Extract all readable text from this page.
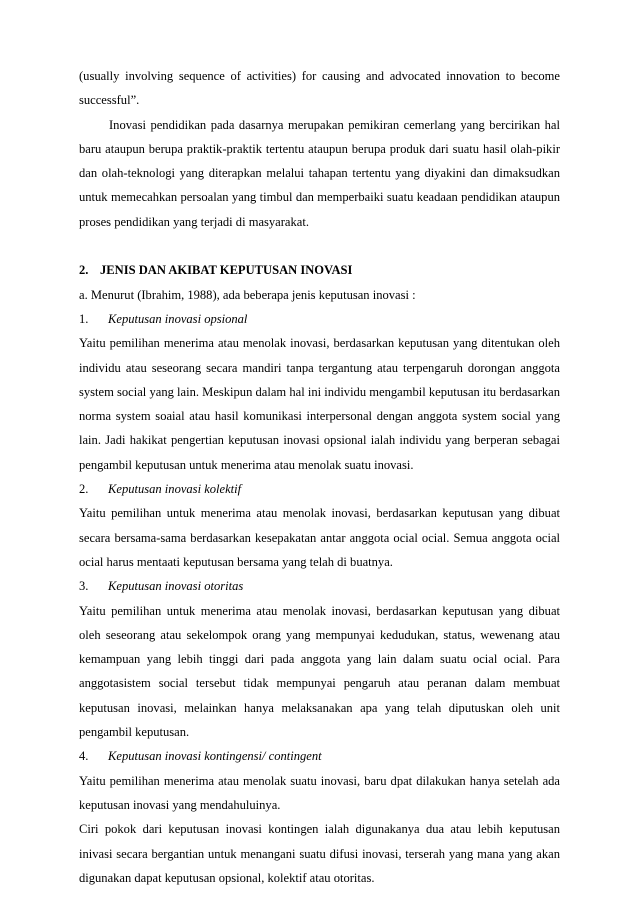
(usually involving sequence of activities) for causing and advocated innovation to become successful”.

Inovasi pendidikan pada dasarnya merupakan pemikiran cemerlang yang bercirikan hal baru ataupun berupa praktik-praktik tertentu ataupun berupa produk dari suatu hasil olah-pikir dan olah-teknologi yang diterapkan melalui tahapan tertentu yang diyakini dan dimaksudkan untuk memecahkan persoalan yang timbul dan memperbaiki suatu keadaan pendidikan ataupun proses pendidikan yang terjadi di masyarakat.

2. JENIS DAN AKIBAT KEPUTUSAN INOVASI

a. Menurut (Ibrahim, 1988), ada beberapa jenis keputusan inovasi :

1. Keputusan inovasi opsional

Yaitu pemilihan menerima atau menolak inovasi, berdasarkan keputusan yang ditentukan oleh individu atau seseorang secara mandiri tanpa tergantung atau terpengaruh dorongan anggota system social yang lain. Meskipun dalam hal ini individu mengambil keputusan itu berdasarkan norma system soaial atau hasil komunikasi interpersonal dengan anggota system social yang lain. Jadi hakikat pengertian keputusan inovasi opsional ialah individu yang berperan sebagai pengambil keputusan untuk menerima atau menolak suatu inovasi.

2. Keputusan inovasi kolektif

Yaitu pemilihan untuk menerima atau menolak inovasi, berdasarkan keputusan yang dibuat secara bersama-sama berdasarkan kesepakatan antar anggota ocial ocial. Semua anggota ocial ocial harus mentaati keputusan bersama yang telah di buatnya.

3. Keputusan inovasi otoritas

Yaitu pemilihan untuk menerima atau menolak inovasi, berdasarkan keputusan yang dibuat oleh seseorang atau sekelompok orang yang mempunyai kedudukan, status, wewenang atau kemampuan yang lebih tinggi dari pada anggota yang lain dalam suatu ocial ocial. Para anggotasistem social tersebut tidak mempunyai pengaruh atau peranan dalam membuat keputusan inovasi, melainkan hanya melaksanakan apa yang telah diputuskan oleh unit pengambil keputusan.

4. Keputusan inovasi kontingensi/ contingent

Yaitu pemilihan menerima atau menolak suatu inovasi, baru dpat dilakukan hanya setelah ada keputusan inovasi yang mendahuluinya.

Ciri pokok dari keputusan inovasi kontingen ialah digunakanya dua atau lebih keputusan inivasi secara bergantian untuk menangani suatu difusi inovasi, terserah yang mana yang akan digunakan dapat keputusan opsional, kolektif atau otoritas.
